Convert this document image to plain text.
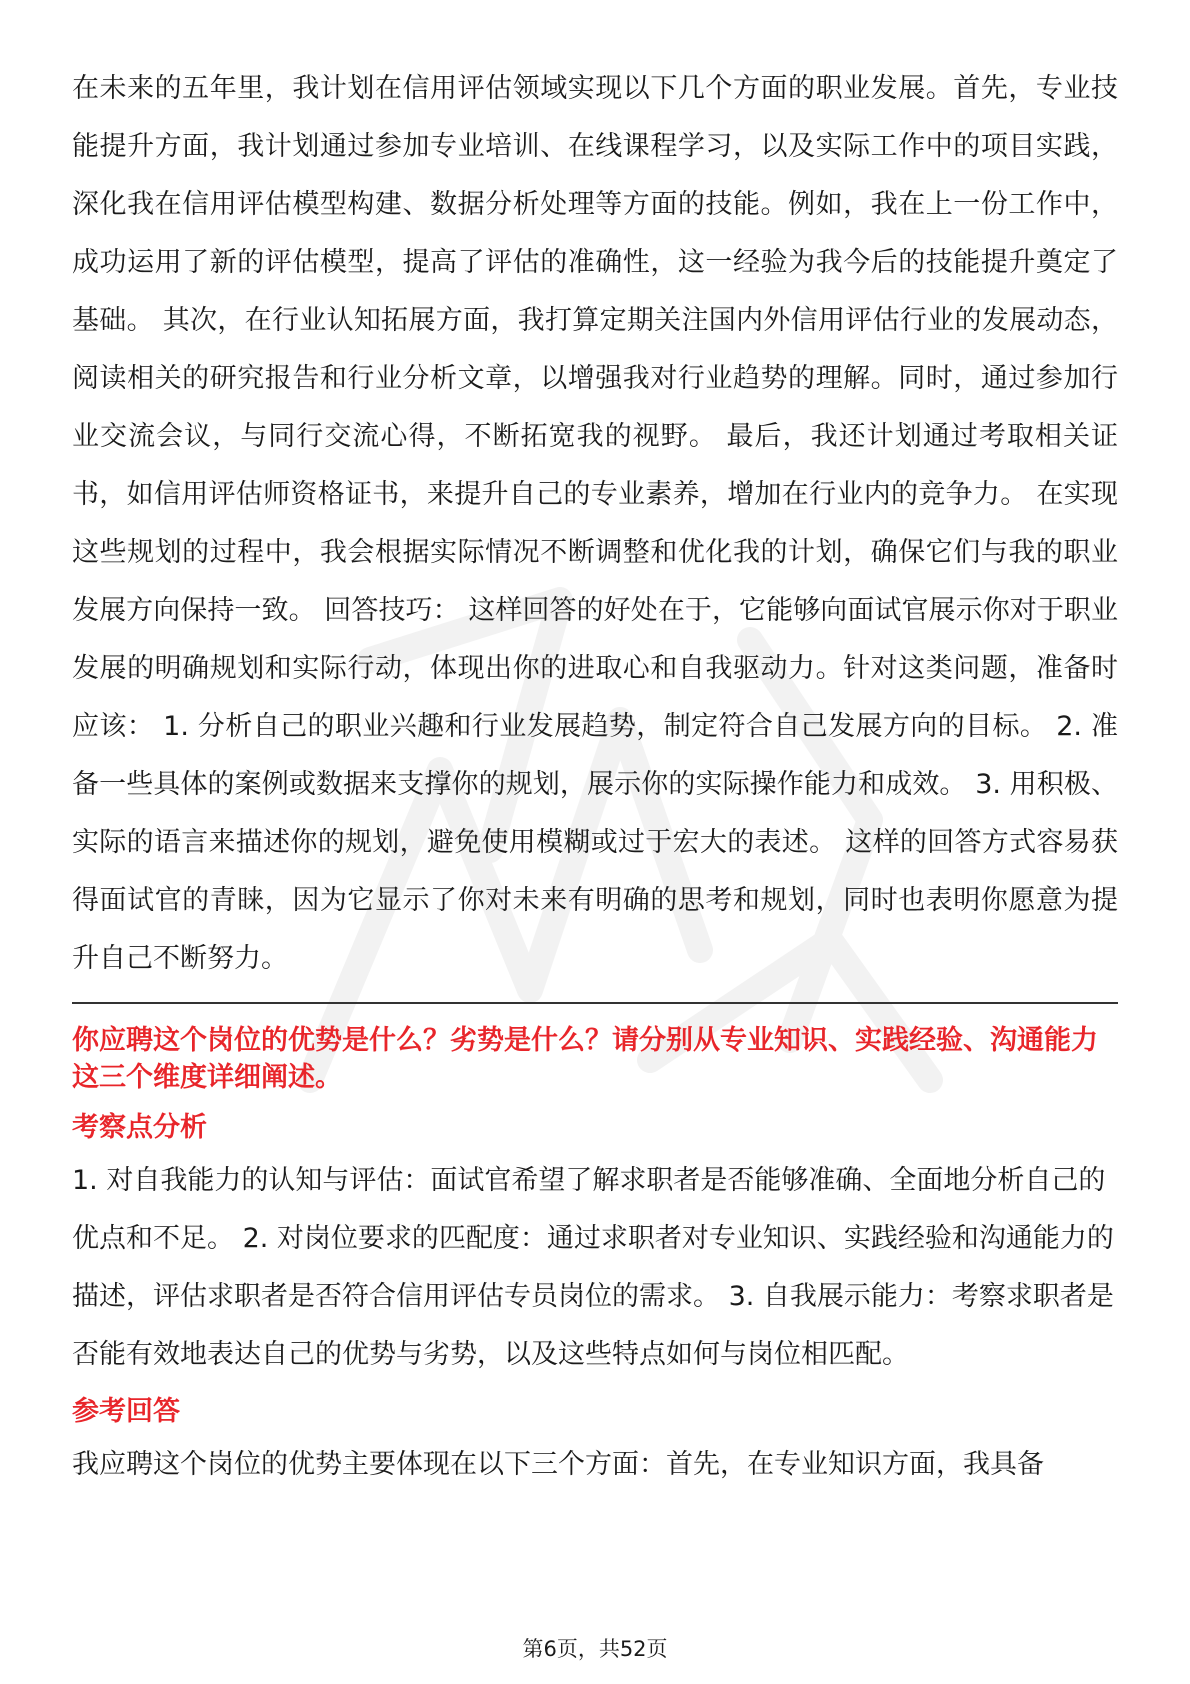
在未来的五年里，我计划在信用评估领域实现以下几个方面的职业发展。首先，专业技能提升方面，我计划通过参加专业培训、在线课程学习，以及实际工作中的项目实践，深化我在信用评估模型构建、数据分析处理等方面的技能。例如，我在上一份工作中，成功运用了新的评估模型，提高了评估的准确性，这一经验为我今后的技能提升奠定了基础。 其次，在行业认知拓展方面，我打算定期关注国内外信用评估行业的发展动态，阅读相关的研究报告和行业分析文章，以增强我对行业趋势的理解。同时，通过参加行业交流会议，与同行交流心得，不断拓宽我的视野。 最后，我还计划通过考取相关证书，如信用评估师资格证书，来提升自己的专业素养，增加在行业内的竞争力。 在实现这些规划的过程中，我会根据实际情况不断调整和优化我的计划，确保它们与我的职业发展方向保持一致。 回答技巧： 这样回答的好处在于，它能够向面试官展示你对于职业发展的明确规划和实际行动，体现出你的进取心和自我驱动力。针对这类问题，准备时应该： 1. 分析自己的职业兴趣和行业发展趋势，制定符合自己发展方向的目标。 2. 准备一些具体的案例或数据来支撑你的规划，展示你的实际操作能力和成效。 3. 用积极、实际的语言来描述你的规划，避免使用模糊或过于宏大的表述。 这样的回答方式容易获得面试官的青睐，因为它显示了你对未来有明确的思考和规划，同时也表明你愿意为提升自己不断努力。

你应聘这个岗位的优势是什么？劣势是什么？请分别从专业知识、实践经验、沟通能力这三个维度详细阐述。

考察点分析

1. 对自我能力的认知与评估：面试官希望了解求职者是否能够准确、全面地分析自己的优点和不足。 2. 对岗位要求的匹配度：通过求职者对专业知识、实践经验和沟通能力的描述，评估求职者是否符合信用评估专员岗位的需求。 3. 自我展示能力：考察求职者是否能有效地表达自己的优势与劣势，以及这些特点如何与岗位相匹配。

参考回答

我应聘这个岗位的优势主要体现在以下三个方面：首先，在专业知识方面，我具备

第6页，共52页
